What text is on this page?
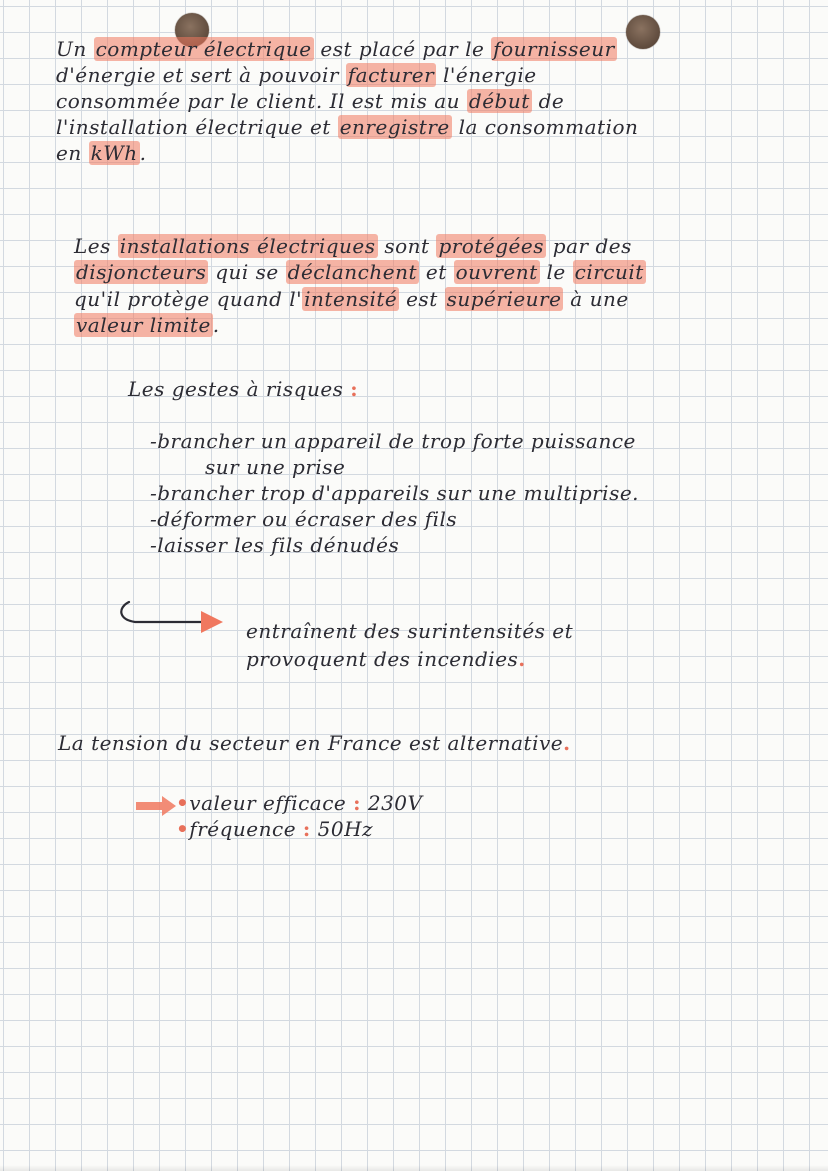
Un compteur électrique est placé par le fournisseur
d'énergie et sert à pouvoir facturer l'énergie
consommée par le client. Il est mis au début de
l'installation électrique et enregistre la consommation
en kWh .
Les installations électriques sont protégées par des
disjoncteurs qui se déclanchent et ouvrent le circuit
qu'il protège quand l' intensité est supérieure à une
valeur limite .
Les gestes à risques :
-brancher un appareil de trop forte puissance
sur une prise
-brancher trop d'appareils sur une multiprise.
-déformer ou écraser des fils
-laisser les fils dénudés
entraînent des surintensités et
provoquent des incendies.
La tension du secteur en France est alternative.
•valeur efficace : 230V
•fréquence : 50Hz
